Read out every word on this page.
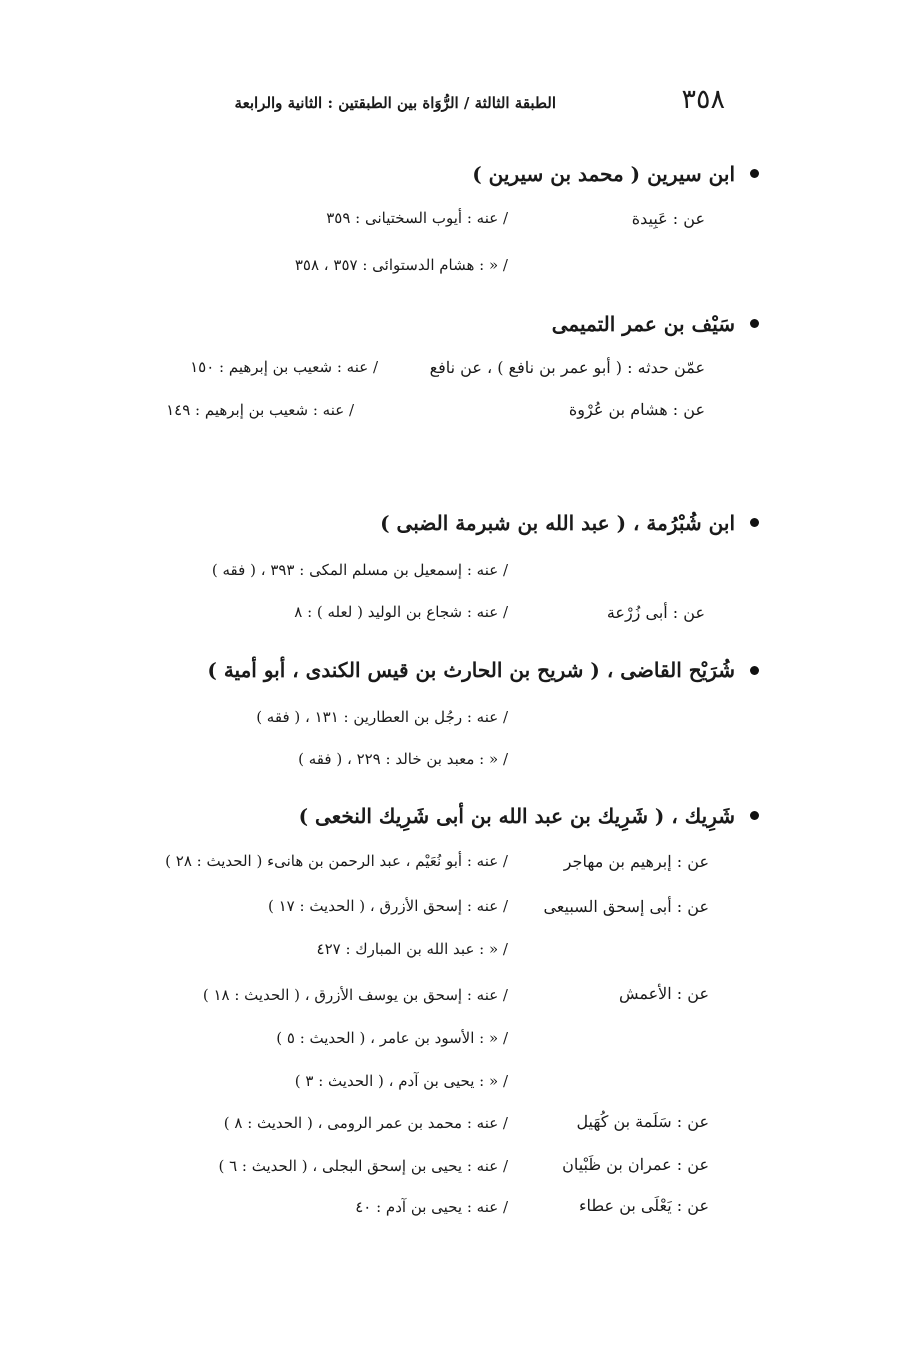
٣٥٨
الطبقة الثالثة / الرُّوَاة بين الطبقتين : الثانية والرابعة
ابن سيرين ( محمد بن سيرين )
عن : عَبِيدة
/ عنه : أيوب السختيانى : ٣٥٩
/ « : هشام الدستوائى : ٣٥٧ ، ٣٥٨
سَيْف بن عمر التميمى
عمّن حدثه : ( أبو عمر بن نافع ) ، عن نافع
/ عنه : شعيب بن إبرهيم : ١٥٠
عن : هشام بن عُرْوة
/ عنه : شعيب بن إبرهيم : ١٤٩
ابن شُبْرُمة ، ( عبد الله بن شبرمة الضبى )
/ عنه : إسمعيل بن مسلم المكى : ٣٩٣ ، ( فقه )
عن : أبى زُرْعة
/ عنه : شجاع بن الوليد ( لعله ) : ٨
شُرَيْح القاضى ، ( شريح بن الحارث بن قيس الكندى ، أبو أمية )
/ عنه : رجُل بن العطارين : ١٣١ ، ( فقه )
/ « : معبد بن خالد : ٢٢٩ ، ( فقه )
شَرِيك ، ( شَرِيك بن عبد الله بن أبى شَرِيك النخعى )
عن : إبرهيم بن مهاجر
/ عنه : أبو نُعَيْم ، عبد الرحمن بن هانىء ( الحديث : ٢٨ )
عن : أبى إسحق السبيعى
/ عنه : إسحق الأزرق ، ( الحديث : ١٧ )
/ « : عبد الله بن المبارك : ٤٢٧
عن : الأعمش
/ عنه : إسحق بن يوسف الأزرق ، ( الحديث : ١٨ )
/ « : الأسود بن عامر ، ( الحديث : ٥ )
/ « : يحيى بن آدم ، ( الحديث : ٣ )
عن : سَلَمة بن كُهَيل
/ عنه : محمد بن عمر الرومى ، ( الحديث : ٨ )
عن : عمران بن ظَبْيان
/ عنه : يحيى بن إسحق البجلى ، ( الحديث : ٦ )
عن : يَعْلَى بن عطاء
/ عنه : يحيى بن آدم : ٤٠
